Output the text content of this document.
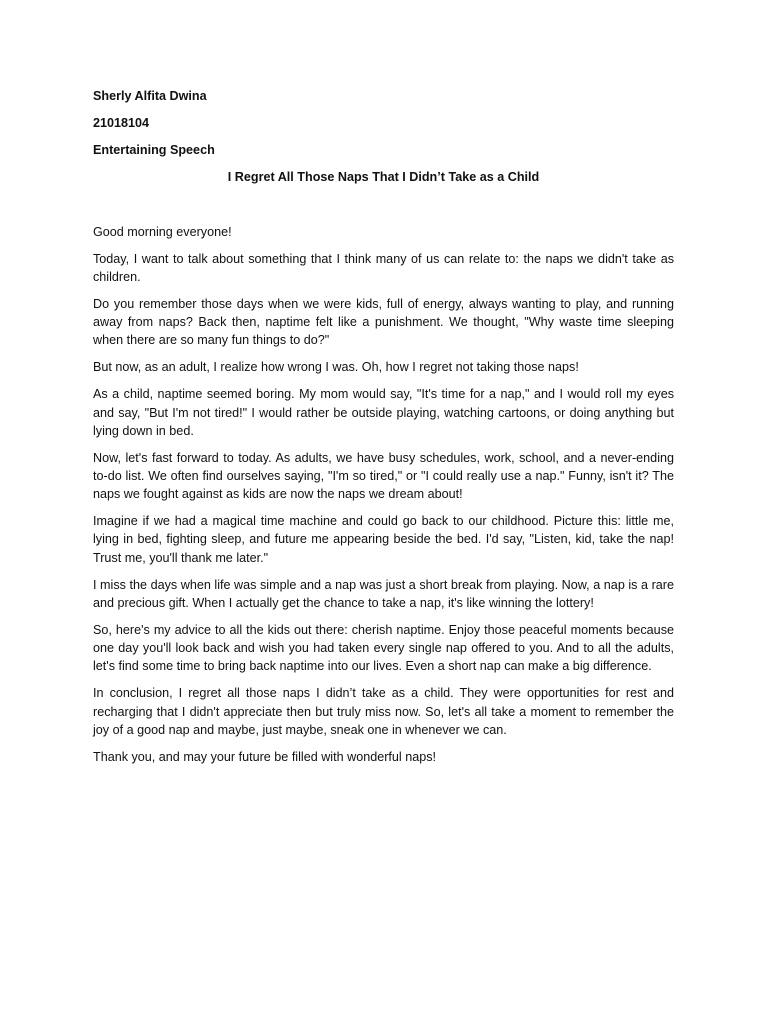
Sherly Alfita Dwina
21018104
Entertaining Speech
I Regret All Those Naps That I Didn’t Take as a Child

Good morning everyone!

Today, I want to talk about something that I think many of us can relate to: the naps we didn't take as children.

Do you remember those days when we were kids, full of energy, always wanting to play, and running away from naps? Back then, naptime felt like a punishment. We thought, "Why waste time sleeping when there are so many fun things to do?"

But now, as an adult, I realize how wrong I was. Oh, how I regret not taking those naps!

As a child, naptime seemed boring. My mom would say, "It's time for a nap," and I would roll my eyes and say, "But I'm not tired!" I would rather be outside playing, watching cartoons, or doing anything but lying down in bed.

Now, let's fast forward to today. As adults, we have busy schedules, work, school, and a never-ending to-do list. We often find ourselves saying, "I'm so tired," or "I could really use a nap." Funny, isn't it? The naps we fought against as kids are now the naps we dream about!

Imagine if we had a magical time machine and could go back to our childhood. Picture this: little me, lying in bed, fighting sleep, and future me appearing beside the bed. I'd say, "Listen, kid, take the nap! Trust me, you'll thank me later."

I miss the days when life was simple and a nap was just a short break from playing. Now, a nap is a rare and precious gift. When I actually get the chance to take a nap, it's like winning the lottery!

So, here's my advice to all the kids out there: cherish naptime. Enjoy those peaceful moments because one day you'll look back and wish you had taken every single nap offered to you. And to all the adults, let's find some time to bring back naptime into our lives. Even a short nap can make a big difference.

In conclusion, I regret all those naps I didn’t take as a child. They were opportunities for rest and recharging that I didn't appreciate then but truly miss now. So, let's all take a moment to remember the joy of a good nap and maybe, just maybe, sneak one in whenever we can.

Thank you, and may your future be filled with wonderful naps!
